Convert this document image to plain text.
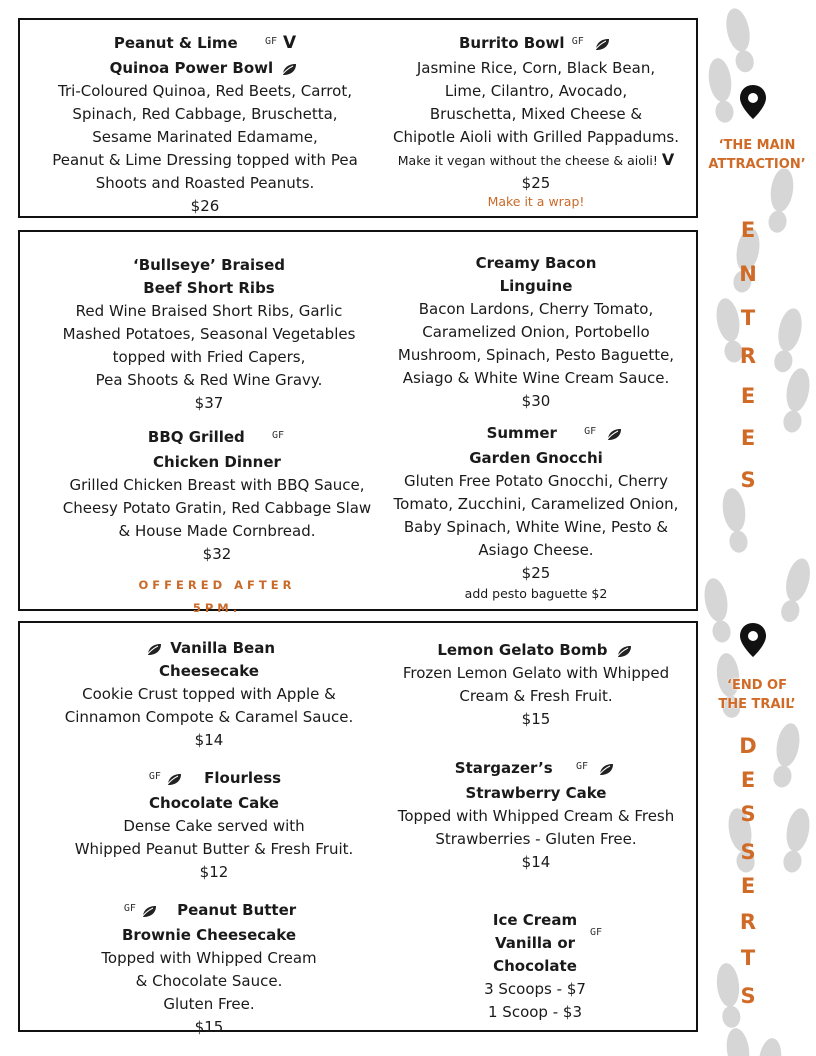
‘THE MAIN
ATTRACTION’
E
N
T
R
E
E
S
‘END OF
THE TRAIL’
D
E
S
S
E
R
T
S
Peanut & Lime	$^{GF}$ V
Quinoa Power Bowl
Tri-Coloured Quinoa, Red Beets, Carrot,
Spinach, Red Cabbage, Bruschetta,
Sesame Marinated Edamame,
Peanut & Lime Dressing topped with Pea
Shoots and Roasted Peanuts.
$26
Burrito Bowl $^{GF}$
Jasmine Rice, Corn, Black Bean,
Lime, Cilantro, Avocado,
Bruschetta, Mixed Cheese &
Chipotle Aioli with Grilled Pappadums.
Make it vegan without the cheese & aioli! V
$25
Make it a wrap!
‘Bullseye’ Braised
Beef Short Ribs
Red Wine Braised Short Ribs, Garlic
Mashed Potatoes, Seasonal Vegetables
topped with Fried Capers,
Pea Shoots & Red Wine Gravy.
$37
Creamy Bacon
Linguine
Bacon Lardons, Cherry Tomato,
Caramelized Onion, Portobello
Mushroom, Spinach, Pesto Baguette,
Asiago & White Wine Cream Sauce.
$30
BBQ Grilled	$^{GF}$
Chicken Dinner
Grilled Chicken Breast with BBQ Sauce,
Cheesy Potato Gratin, Red Cabbage Slaw
& House Made Cornbread.
$32
OFFERED AFTER
5PM.
Summer	$^{GF}$
Garden Gnocchi
Gluten Free Potato Gnocchi, Cherry
Tomato, Zucchini, Caramelized Onion,
Baby Spinach, White Wine, Pesto &
Asiago Cheese.
$25
add pesto baguette $2
Vanilla Bean
Cheesecake
Cookie Crust topped with Apple &
Cinnamon Compote & Caramel Sauce.
$14
Lemon Gelato Bomb
Frozen Lemon Gelato with Whipped
Cream & Fresh Fruit.
$15
$^{GF}$	Flourless
Chocolate Cake
Dense Cake served with
Whipped Peanut Butter & Fresh Fruit.
$12
Stargazer’s $^{GF}$
Strawberry Cake
Topped with Whipped Cream & Fresh
Strawberries - Gluten Free.
$14
$^{GF}$	Peanut Butter
Brownie Cheesecake
Topped with Whipped Cream
& Chocolate Sauce.
Gluten Free.
$15
Ice Cream
Vanilla or
GF
Chocolate
3 Scoops - $7
1 Scoop - $3
